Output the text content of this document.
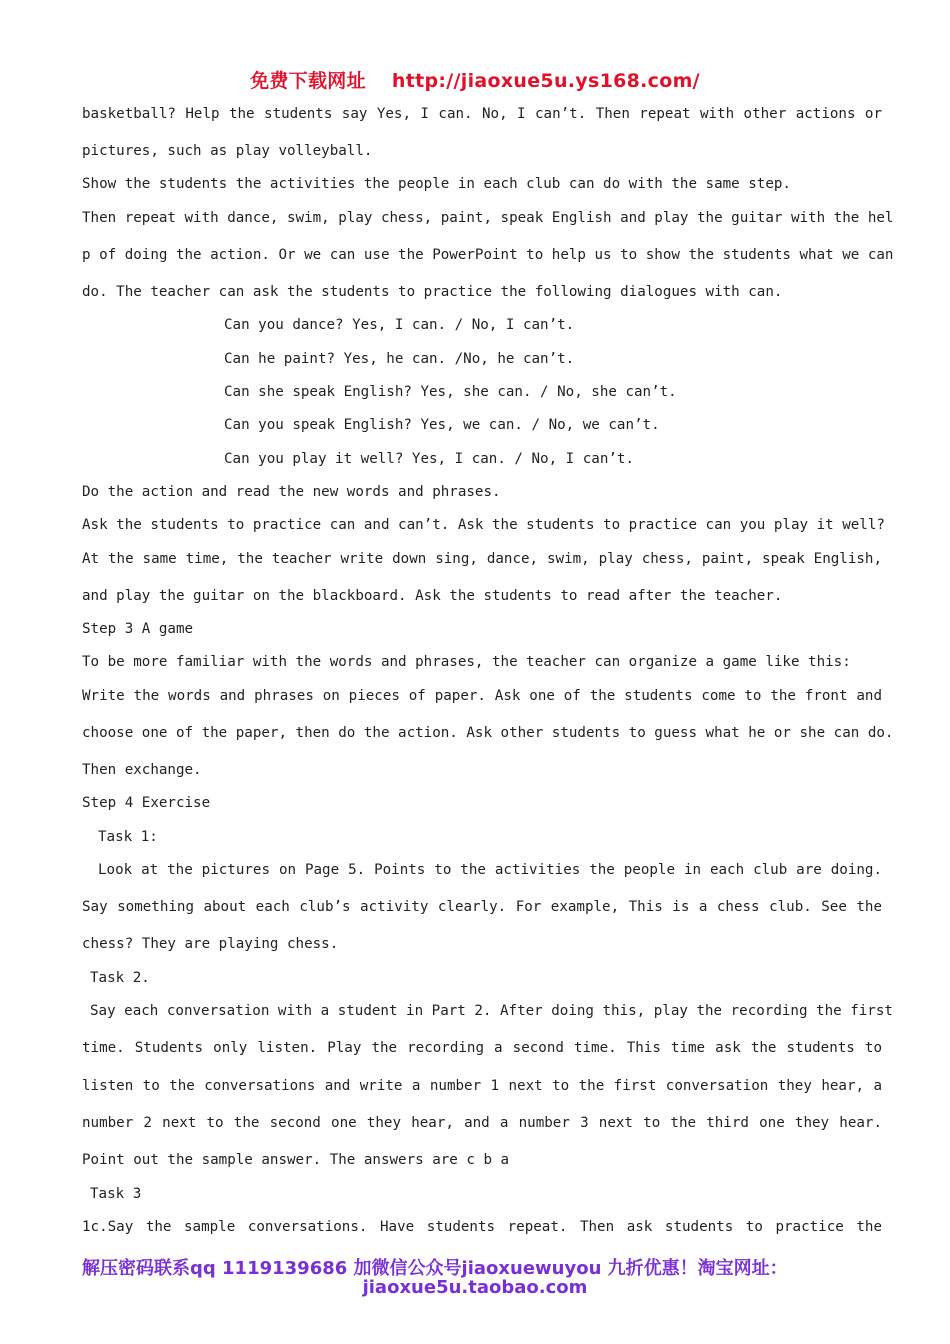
免费下载网址 http://jiaoxue5u.ys168.com/
basketball? Help the students say Yes, I can. No, I can’t. Then repeat with other actions or
pictures, such as play volleyball.
Show the students the activities the people in each club can do with the same step.
Then repeat with dance, swim, play chess, paint, speak English and play the guitar with the hel
p of doing the action. Or we can use the PowerPoint to help us to show the students what we can
do. The teacher can ask the students to practice the following dialogues with can.
Can you dance? Yes, I can. / No, I can’t.
Can he paint? Yes, he can. /No, he can’t.
Can she speak English? Yes, she can. / No, she can’t.
Can you speak English? Yes, we can. / No, we can’t.
Can you play it well? Yes, I can. / No, I can’t.
Do the action and read the new words and phrases.
Ask the students to practice can and can’t. Ask the students to practice can you play it well?
At the same time, the teacher write down sing, dance, swim, play chess, paint, speak English,
and play the guitar on the blackboard. Ask the students to read after the teacher.
Step 3 A game
To be more familiar with the words and phrases, the teacher can organize a game like this:
Write the words and phrases on pieces of paper. Ask one of the students come to the front and
choose one of the paper, then do the action. Ask other students to guess what he or she can do.
Then exchange.
Step 4 Exercise
Task 1:
Look at the pictures on Page 5. Points to the activities the people in each club are doing.
Say something about each club’s activity clearly. For example, This is a chess club. See the
chess? They are playing chess.
Task 2.
Say each conversation with a student in Part 2. After doing this, play the recording the first
time. Students only listen. Play the recording a second time. This time ask the students to
listen to the conversations and write a number 1 next to the first conversation they hear, a
number 2 next to the second one they hear, and a number 3 next to the third one they hear.
Point out the sample answer. The answers are c b a
Task 3
1c.Say the sample conversations. Have students repeat. Then ask students to practice the
解压密码联系qq 1119139686 加微信公众号jiaoxuewuyou 九折优惠！淘宝网址：
jiaoxue5u.taobao.com
